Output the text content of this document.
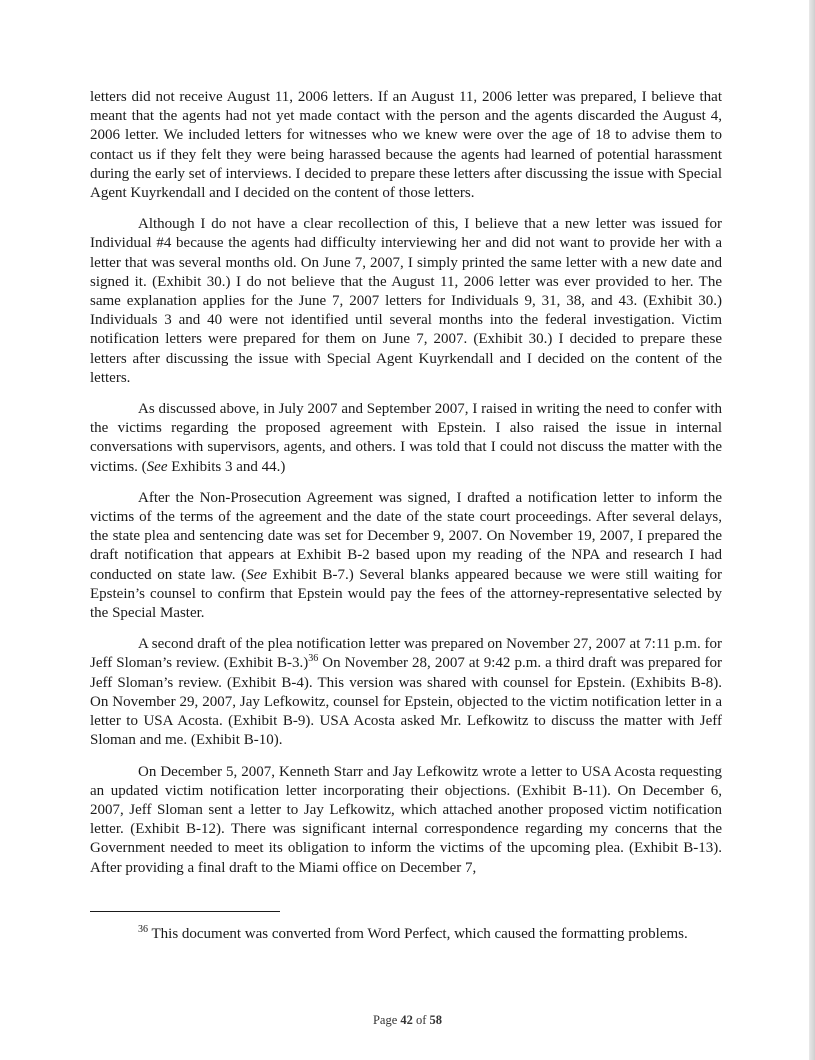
letters did not receive August 11, 2006 letters. If an August 11, 2006 letter was prepared, I believe that meant that the agents had not yet made contact with the person and the agents discarded the August 4, 2006 letter. We included letters for witnesses who we knew were over the age of 18 to advise them to contact us if they felt they were being harassed because the agents had learned of potential harassment during the early set of interviews. I decided to prepare these letters after discussing the issue with Special Agent Kuyrkendall and I decided on the content of those letters.

Although I do not have a clear recollection of this, I believe that a new letter was issued for Individual #4 because the agents had difficulty interviewing her and did not want to provide her with a letter that was several months old. On June 7, 2007, I simply printed the same letter with a new date and signed it. (Exhibit 30.) I do not believe that the August 11, 2006 letter was ever provided to her. The same explanation applies for the June 7, 2007 letters for Individuals 9, 31, 38, and 43. (Exhibit 30.) Individuals 3 and 40 were not identified until several months into the federal investigation. Victim notification letters were prepared for them on June 7, 2007. (Exhibit 30.) I decided to prepare these letters after discussing the issue with Special Agent Kuyrkendall and I decided on the content of the letters.

As discussed above, in July 2007 and September 2007, I raised in writing the need to confer with the victims regarding the proposed agreement with Epstein. I also raised the issue in internal conversations with supervisors, agents, and others. I was told that I could not discuss the matter with the victims. (See Exhibits 3 and 44.)

After the Non-Prosecution Agreement was signed, I drafted a notification letter to inform the victims of the terms of the agreement and the date of the state court proceedings. After several delays, the state plea and sentencing date was set for December 9, 2007. On November 19, 2007, I prepared the draft notification that appears at Exhibit B-2 based upon my reading of the NPA and research I had conducted on state law. (See Exhibit B-7.) Several blanks appeared because we were still waiting for Epstein’s counsel to confirm that Epstein would pay the fees of the attorney-representative selected by the Special Master.

A second draft of the plea notification letter was prepared on November 27, 2007 at 7:11 p.m. for Jeff Sloman’s review. (Exhibit B-3.)$^{36}$ On November 28, 2007 at 9:42 p.m. a third draft was prepared for Jeff Sloman’s review. (Exhibit B-4). This version was shared with counsel for Epstein. (Exhibits B-8). On November 29, 2007, Jay Lefkowitz, counsel for Epstein, objected to the victim notification letter in a letter to USA Acosta. (Exhibit B-9). USA Acosta asked Mr. Lefkowitz to discuss the matter with Jeff Sloman and me. (Exhibit B-10).

On December 5, 2007, Kenneth Starr and Jay Lefkowitz wrote a letter to USA Acosta requesting an updated victim notification letter incorporating their objections. (Exhibit B-11). On December 6, 2007, Jeff Sloman sent a letter to Jay Lefkowitz, which attached another proposed victim notification letter. (Exhibit B-12). There was significant internal correspondence regarding my concerns that the Government needed to meet its obligation to inform the victims of the upcoming plea. (Exhibit B-13). After providing a final draft to the Miami office on December 7,

$^{36}$ This document was converted from Word Perfect, which caused the formatting problems.

Page 42 of 58
